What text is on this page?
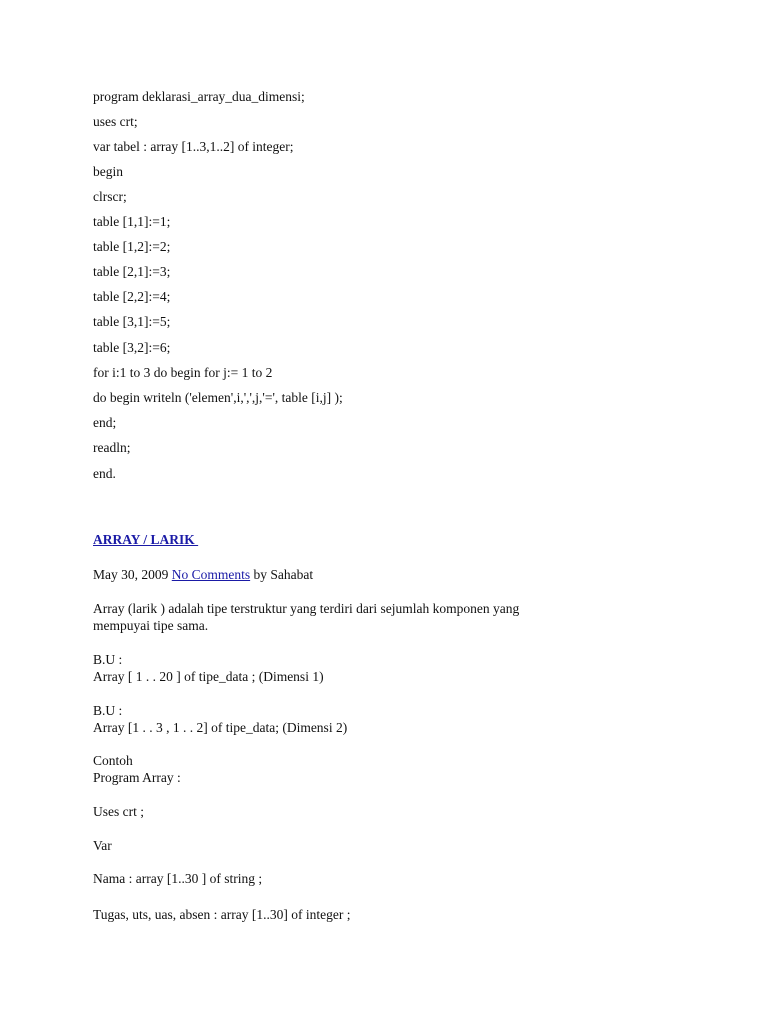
program deklarasi_array_dua_dimensi;
uses crt;
var tabel : array [1..3,1..2] of integer;
begin
clrscr;
table [1,1]:=1;
table [1,2]:=2;
table [2,1]:=3;
table [2,2]:=4;
table [3,1]:=5;
table [3,2]:=6;
for i:1 to 3 do begin for j:= 1 to 2
do begin writeln ('elemen',i,',',j,'=', table [i,j] );
end;
readln;
end.
ARRAY / LARIK
May 30, 2009 No Comments by Sahabat
Array (larik ) adalah tipe terstruktur yang terdiri dari sejumlah komponen yang
mempuyai tipe sama.
B.U :
Array [ 1 . . 20 ] of tipe_data ; (Dimensi 1)
B.U :
Array [1 . . 3 , 1 . . 2] of tipe_data; (Dimensi 2)
Contoh
Program Array :
Uses crt ;
Var
Nama : array [1..30 ] of string ;
Tugas, uts, uas, absen : array [1..30] of integer ;
